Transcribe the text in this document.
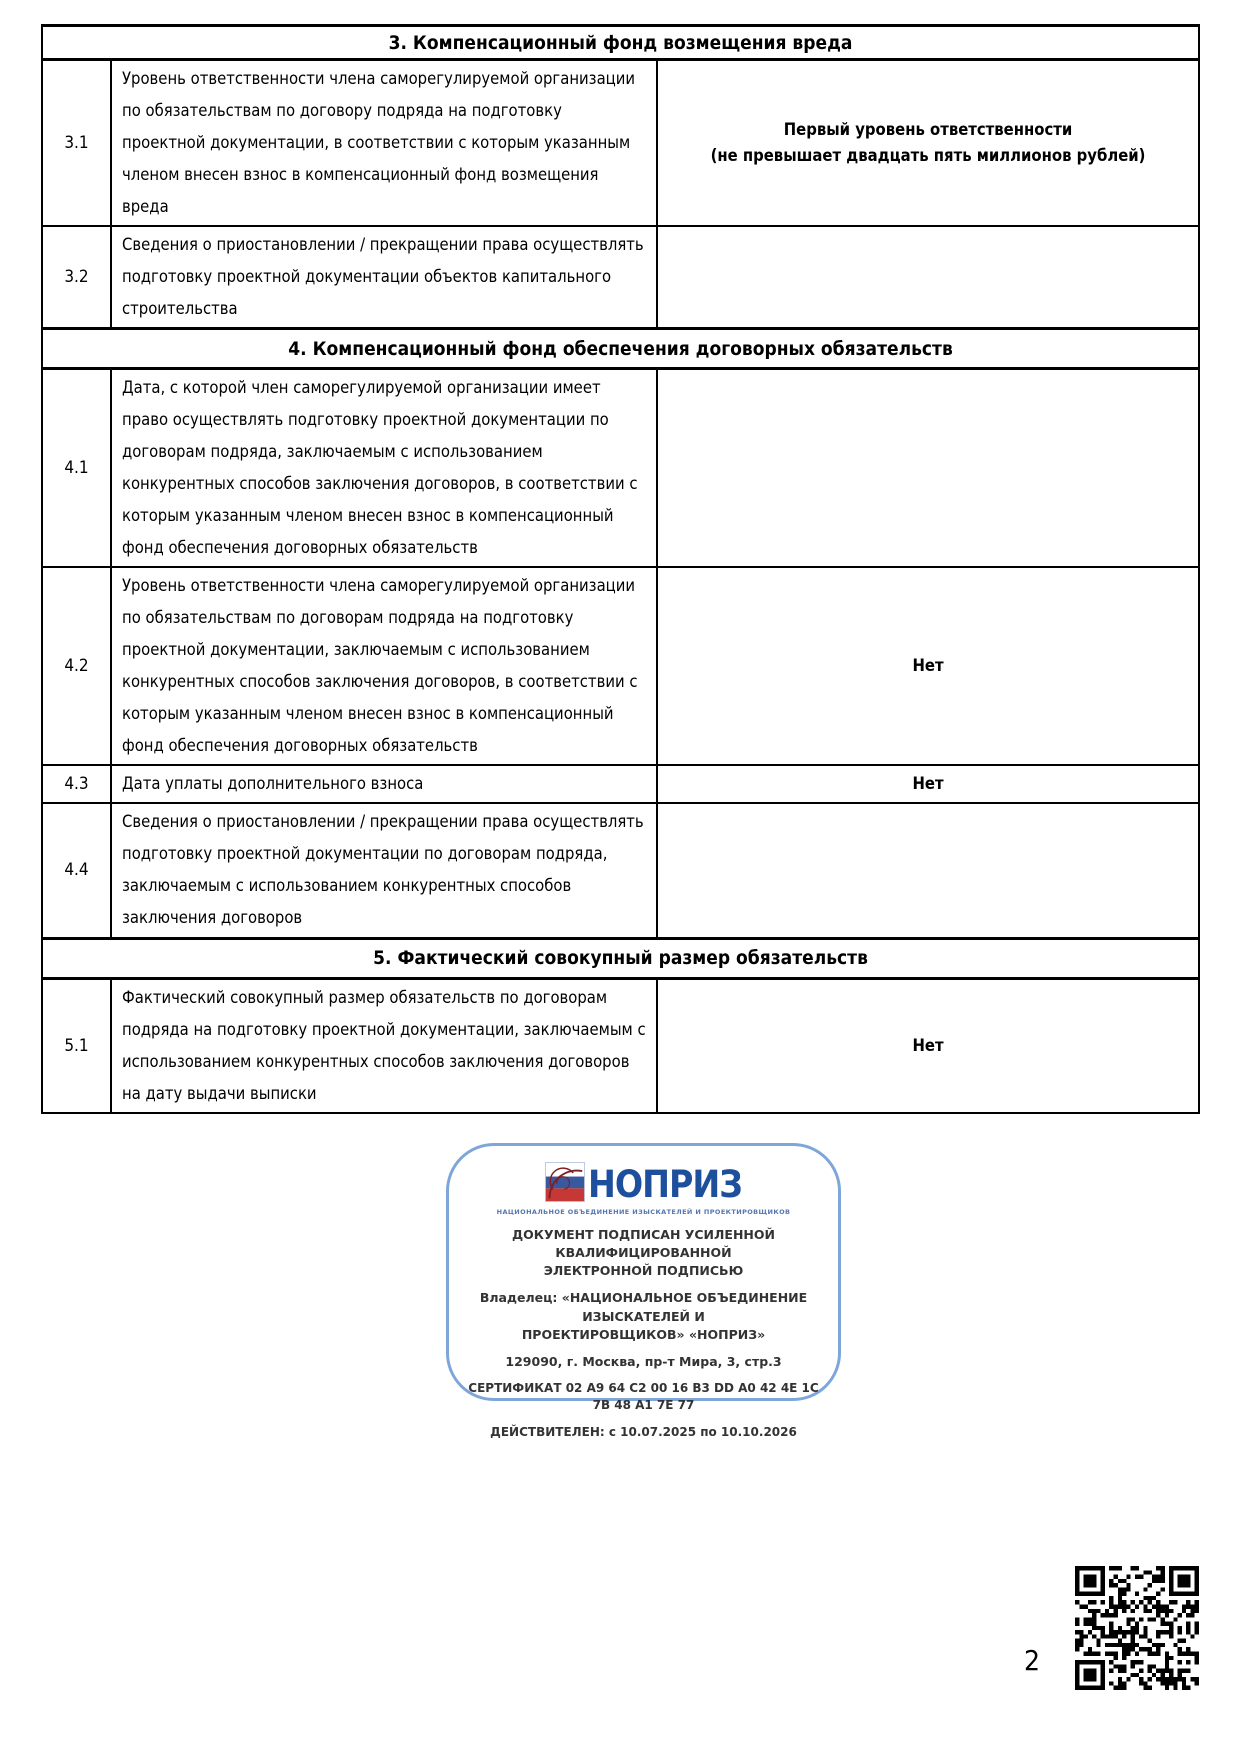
3. Компенсационный фонд возмещения вреда		
3.1	Уровень ответственности члена саморегулируемой организации по обязательствам по договору подряда на подготовку проектной документации, в соответствии с которым указанным членом внесен взнос в компенсационный фонд возмещения вреда	Первый уровень ответственности
(не превышает двадцать пять миллионов рублей)

3.2	Сведения о приостановлении / прекращении права осуществлять подготовку проектной документации объектов капитального строительства	
4. Компенсационный фонд обеспечения договорных обязательств		
4.1	Дата, с которой член саморегулируемой организации имеет право осуществлять подготовку проектной документации по договорам подряда, заключаемым с использованием конкурентных способов заключения договоров, в соответствии с которым указанным членом внесен взнос в компенсационный фонд обеспечения договорных обязательств	
4.2	Уровень ответственности члена саморегулируемой организации по обязательствам по договорам подряда на подготовку проектной документации, заключаемым с использованием конкурентных способов заключения договоров, в соответствии с которым указанным членом внесен взнос в компенсационный фонд обеспечения договорных обязательств	Нет
4.3	Дата уплаты дополнительного взноса	Нет
4.4	Сведения о приостановлении / прекращении права осуществлять подготовку проектной документации по договорам подряда, заключаемым с использованием конкурентных способов заключения договоров	
5. Фактический совокупный размер обязательств		
5.1	Фактический совокупный размер обязательств по договорам подряда на подготовку проектной документации, заключаемым с использованием конкурентных способов заключения договоров на дату выдачи выписки	Нет
НОПРИЗ
НАЦИОНАЛЬНОЕ ОБЪЕДИНЕНИЕ ИЗЫСКАТЕЛЕЙ И ПРОЕКТИРОВЩИКОВ
ДОКУМЕНТ ПОДПИСАН УСИЛЕННОЙ КВАЛИФИЦИРОВАННОЙ
ЭЛЕКТРОННОЙ ПОДПИСЬЮ
Владелец: «НАЦИОНАЛЬНОЕ ОБЪЕДИНЕНИЕ ИЗЫСКАТЕЛЕЙ И
ПРОЕКТИРОВЩИКОВ» «НОПРИЗ»
129090, г. Москва, пр-т Мира, 3, стр.3
СЕРТИФИКАТ 02 A9 64 C2 00 16 B3 DD A0 42 4E 1C 7B 48 A1 7E 77
ДЕЙСТВИТЕЛЕН: с 10.07.2025 по 10.10.2026
2
